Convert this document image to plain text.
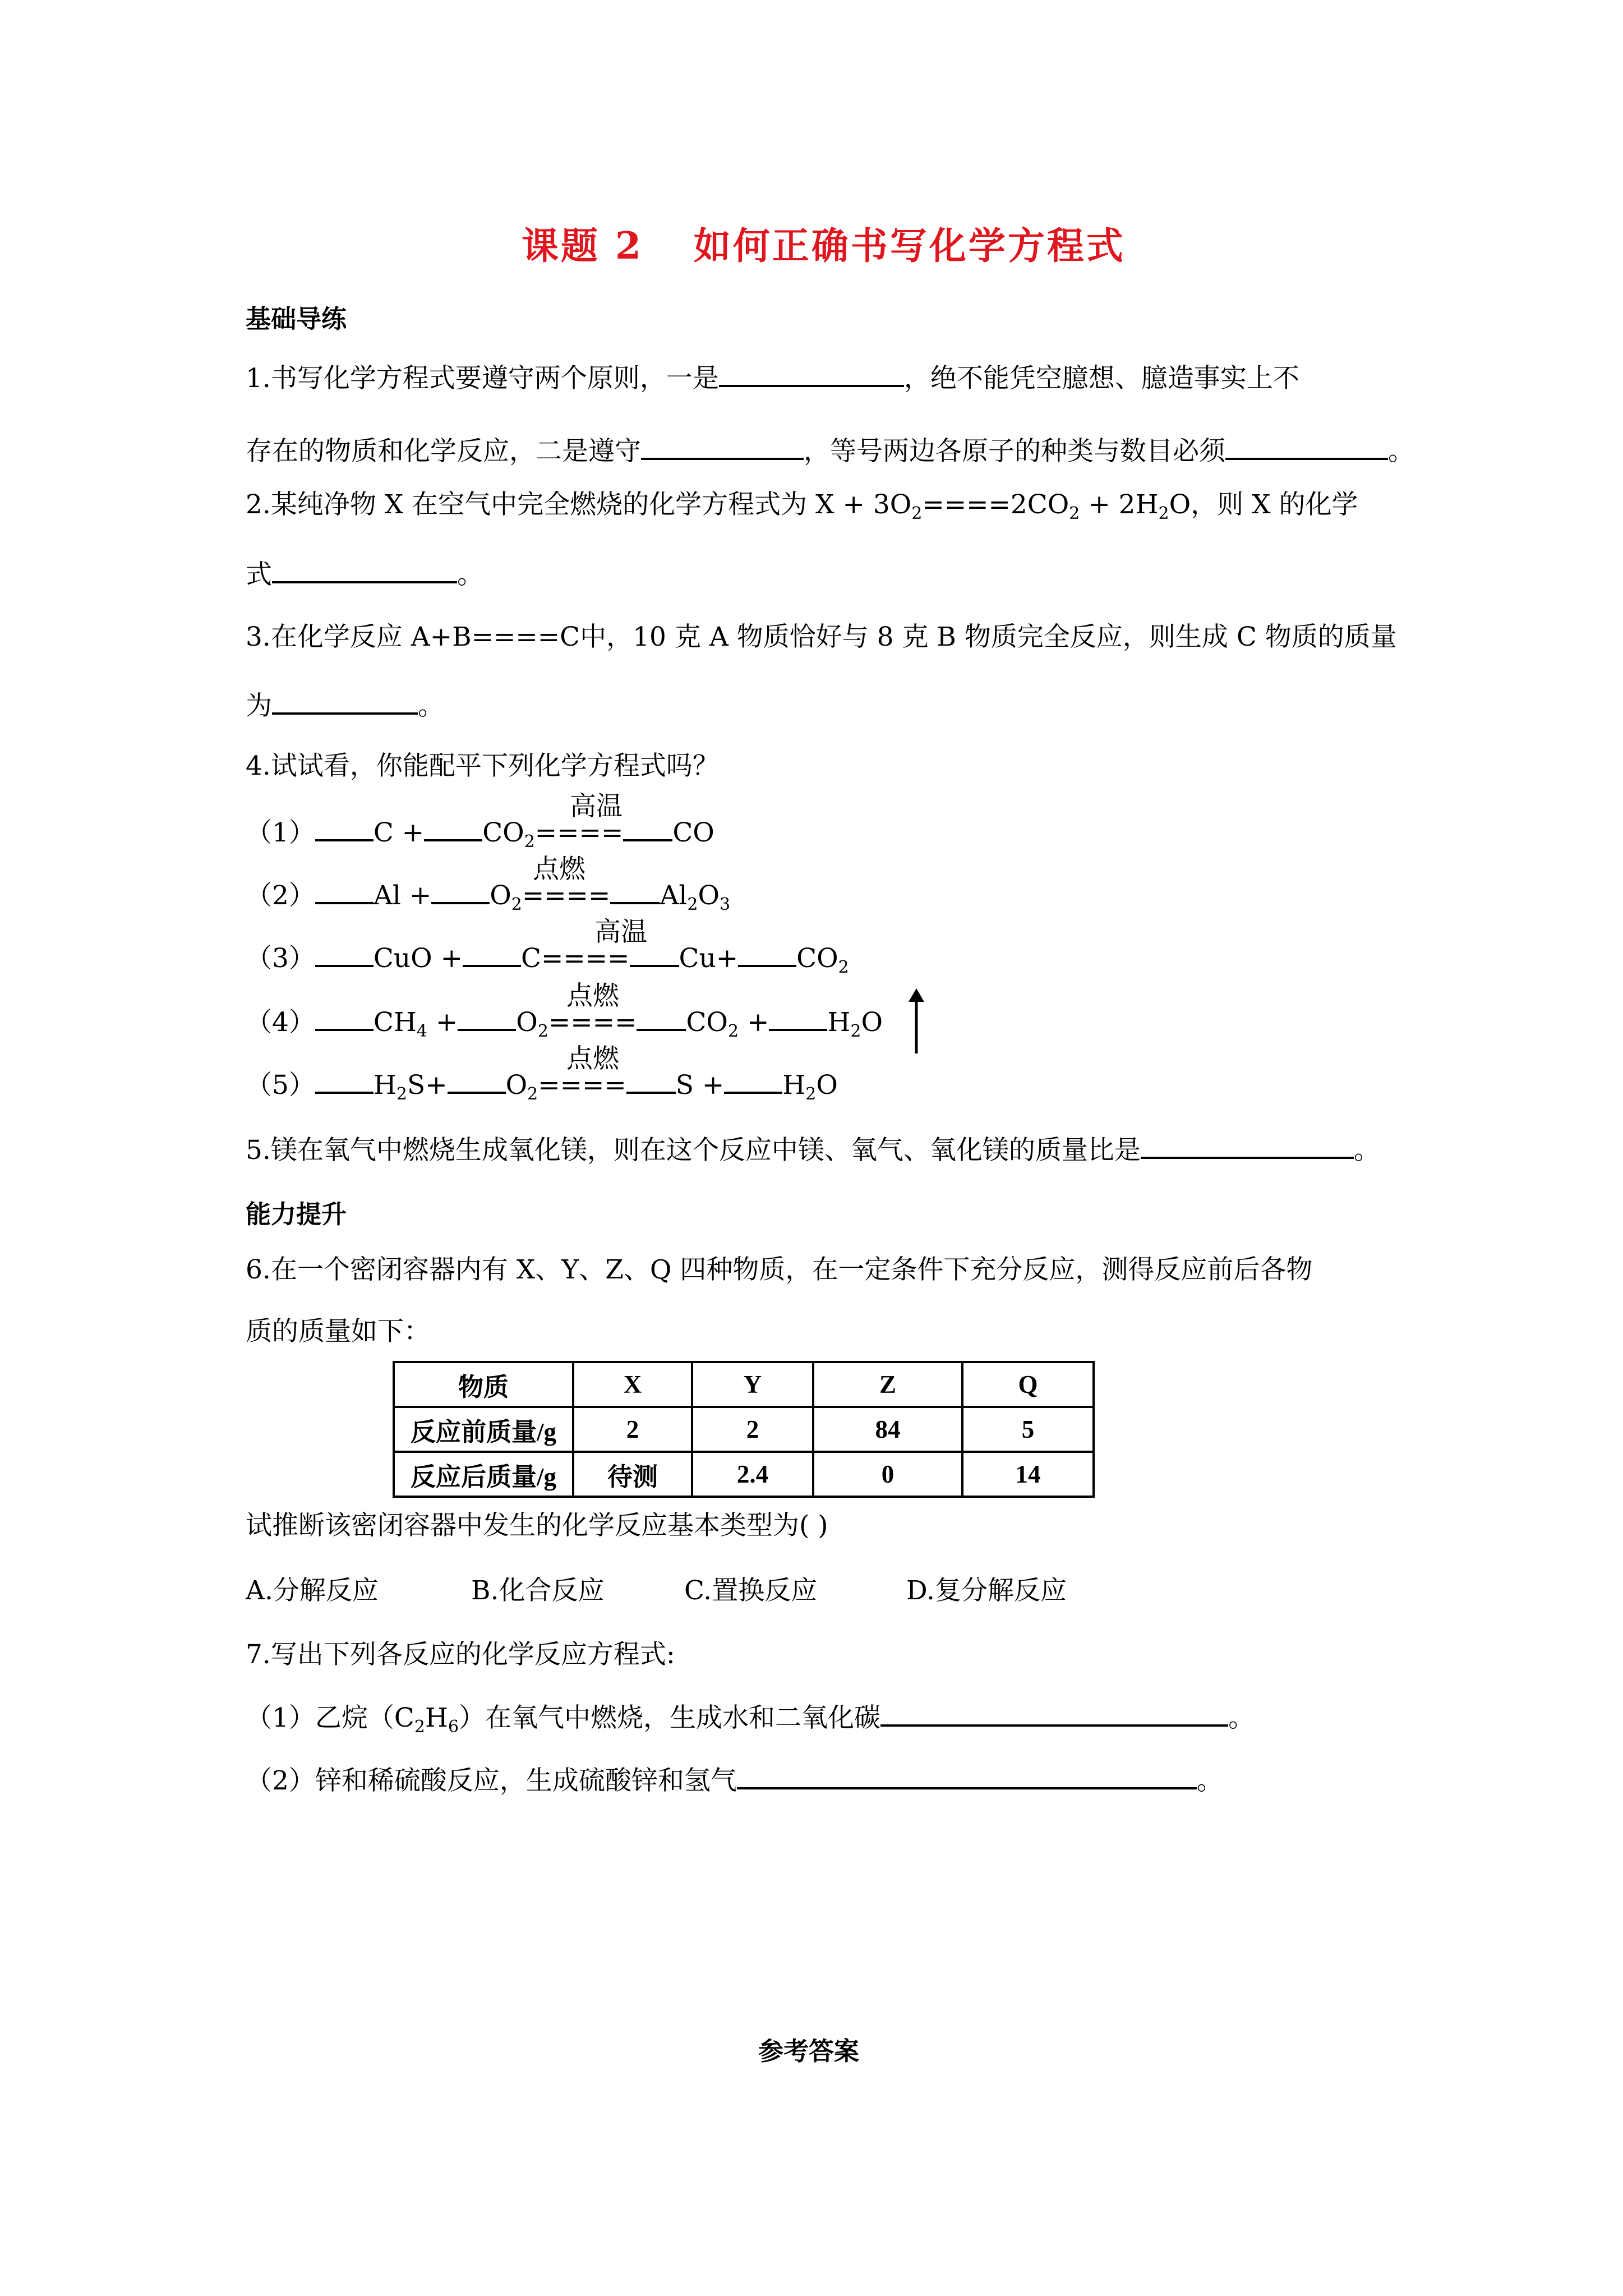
课题 2 如何正确书写化学方程式
基础导练
1.书写化学方程式要遵守两个原则，一是	，绝不能凭空臆想、臆造事实上不
存在的物质和化学反应，二是遵守	，等号两边各原子的种类与数目必须	。
2.某纯净物 X 在空气中完全燃烧的化学方程式为 $X + 3O_2====2CO_2 + 2H_2O$，则 X 的化学
式	。
3.在化学反应 A+B====C中，10 克 A 物质恰好与 8 克 B 物质完全反应，则生成 C 物质的质量
为	。
4.试试看，你能配平下列化学方程式吗？
（1） $C + CO_2====$ CO
高温
（2） $Al + O_2==== Al_2O_3$
点燃
（3） CuO + $C==== Cu+ CO_2$
高温
（4） $CH_4 + O_2==== CO_2 + H_2O$
点燃
（5） $H_2S+ O_2==== S + H_2O$
点燃
5.镁在氧气中燃烧生成氧化镁，则在这个反应中镁、氧气、氧化镁的质量比是	。
能力提升
6.在一个密闭容器内有 X、Y、Z、Q 四种物质，在一定条件下充分反应，测得反应前后各物
质的质量如下：
物质	X	Y	Z	Q
反应前质量/g	2	2	84	5
反应后质量/g	待测	2.4	0	14
试推断该密闭容器中发生的化学反应基本类型为( )
A.分解反应	B.化合反应	C.置换反应	D.复分解反应
7.写出下列各反应的化学反应方程式:
（1）乙烷$(C_2H_6)$在氧气中燃烧，生成水和二氧化碳	。
（2）锌和稀硫酸反应，生成硫酸锌和氢气	。
参考答案
